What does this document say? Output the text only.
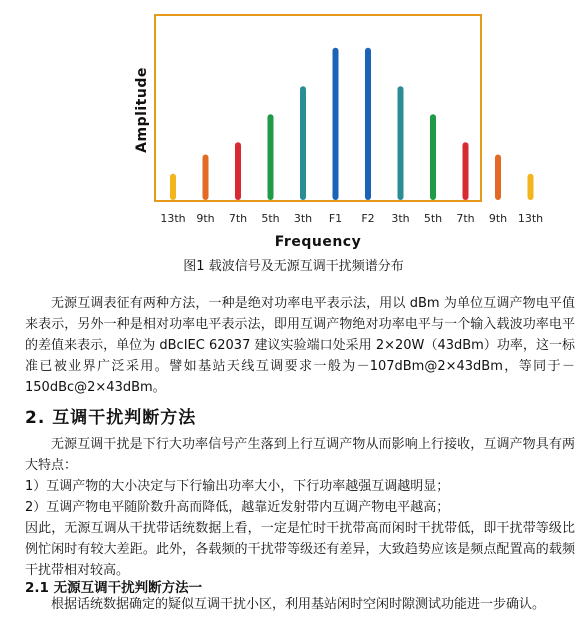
13th 9th 7th 5th 3th F1 F2 3th 5th 7th 9th 13th
Amplitude
Frequency
图1 载波信号及无源互调干扰频谱分布
无源互调表征有两种方法，一种是绝对功率电平表示法，用以 dBm 为单位互调产物电平值来表示，另外一种是相对功率电平表示法，即用互调产物绝对功率电平与一个输入载波功率电平的差值来表示，单位为 dBcIEC 62037 建议实验端口处采用 2×20W（43dBm）功率，这一标准已被业界广泛采用。譬如基站天线互调要求一般为－107dBm@2×43dBm，等同于－150dBc@2×43dBm。
2. 互调干扰判断方法
无源互调干扰是下行大功率信号产生落到上行互调产物从而影响上行接收，互调产物具有两大特点：
1）互调产物的大小决定与下行输出功率大小，下行功率越强互调越明显；
2）互调产物电平随阶数升高而降低，越靠近发射带内互调产物电平越高；
因此，无源互调从干扰带话统数据上看，一定是忙时干扰带高而闲时干扰带低，即干扰带等级比例忙闲时有较大差距。此外，各载频的干扰带等级还有差异，大致趋势应该是频点配置高的载频干扰带相对较高。
2.1 无源互调干扰判断方法一
根据话统数据确定的疑似互调干扰小区，利用基站闲时空闲时隙测试功能进一步确认。
